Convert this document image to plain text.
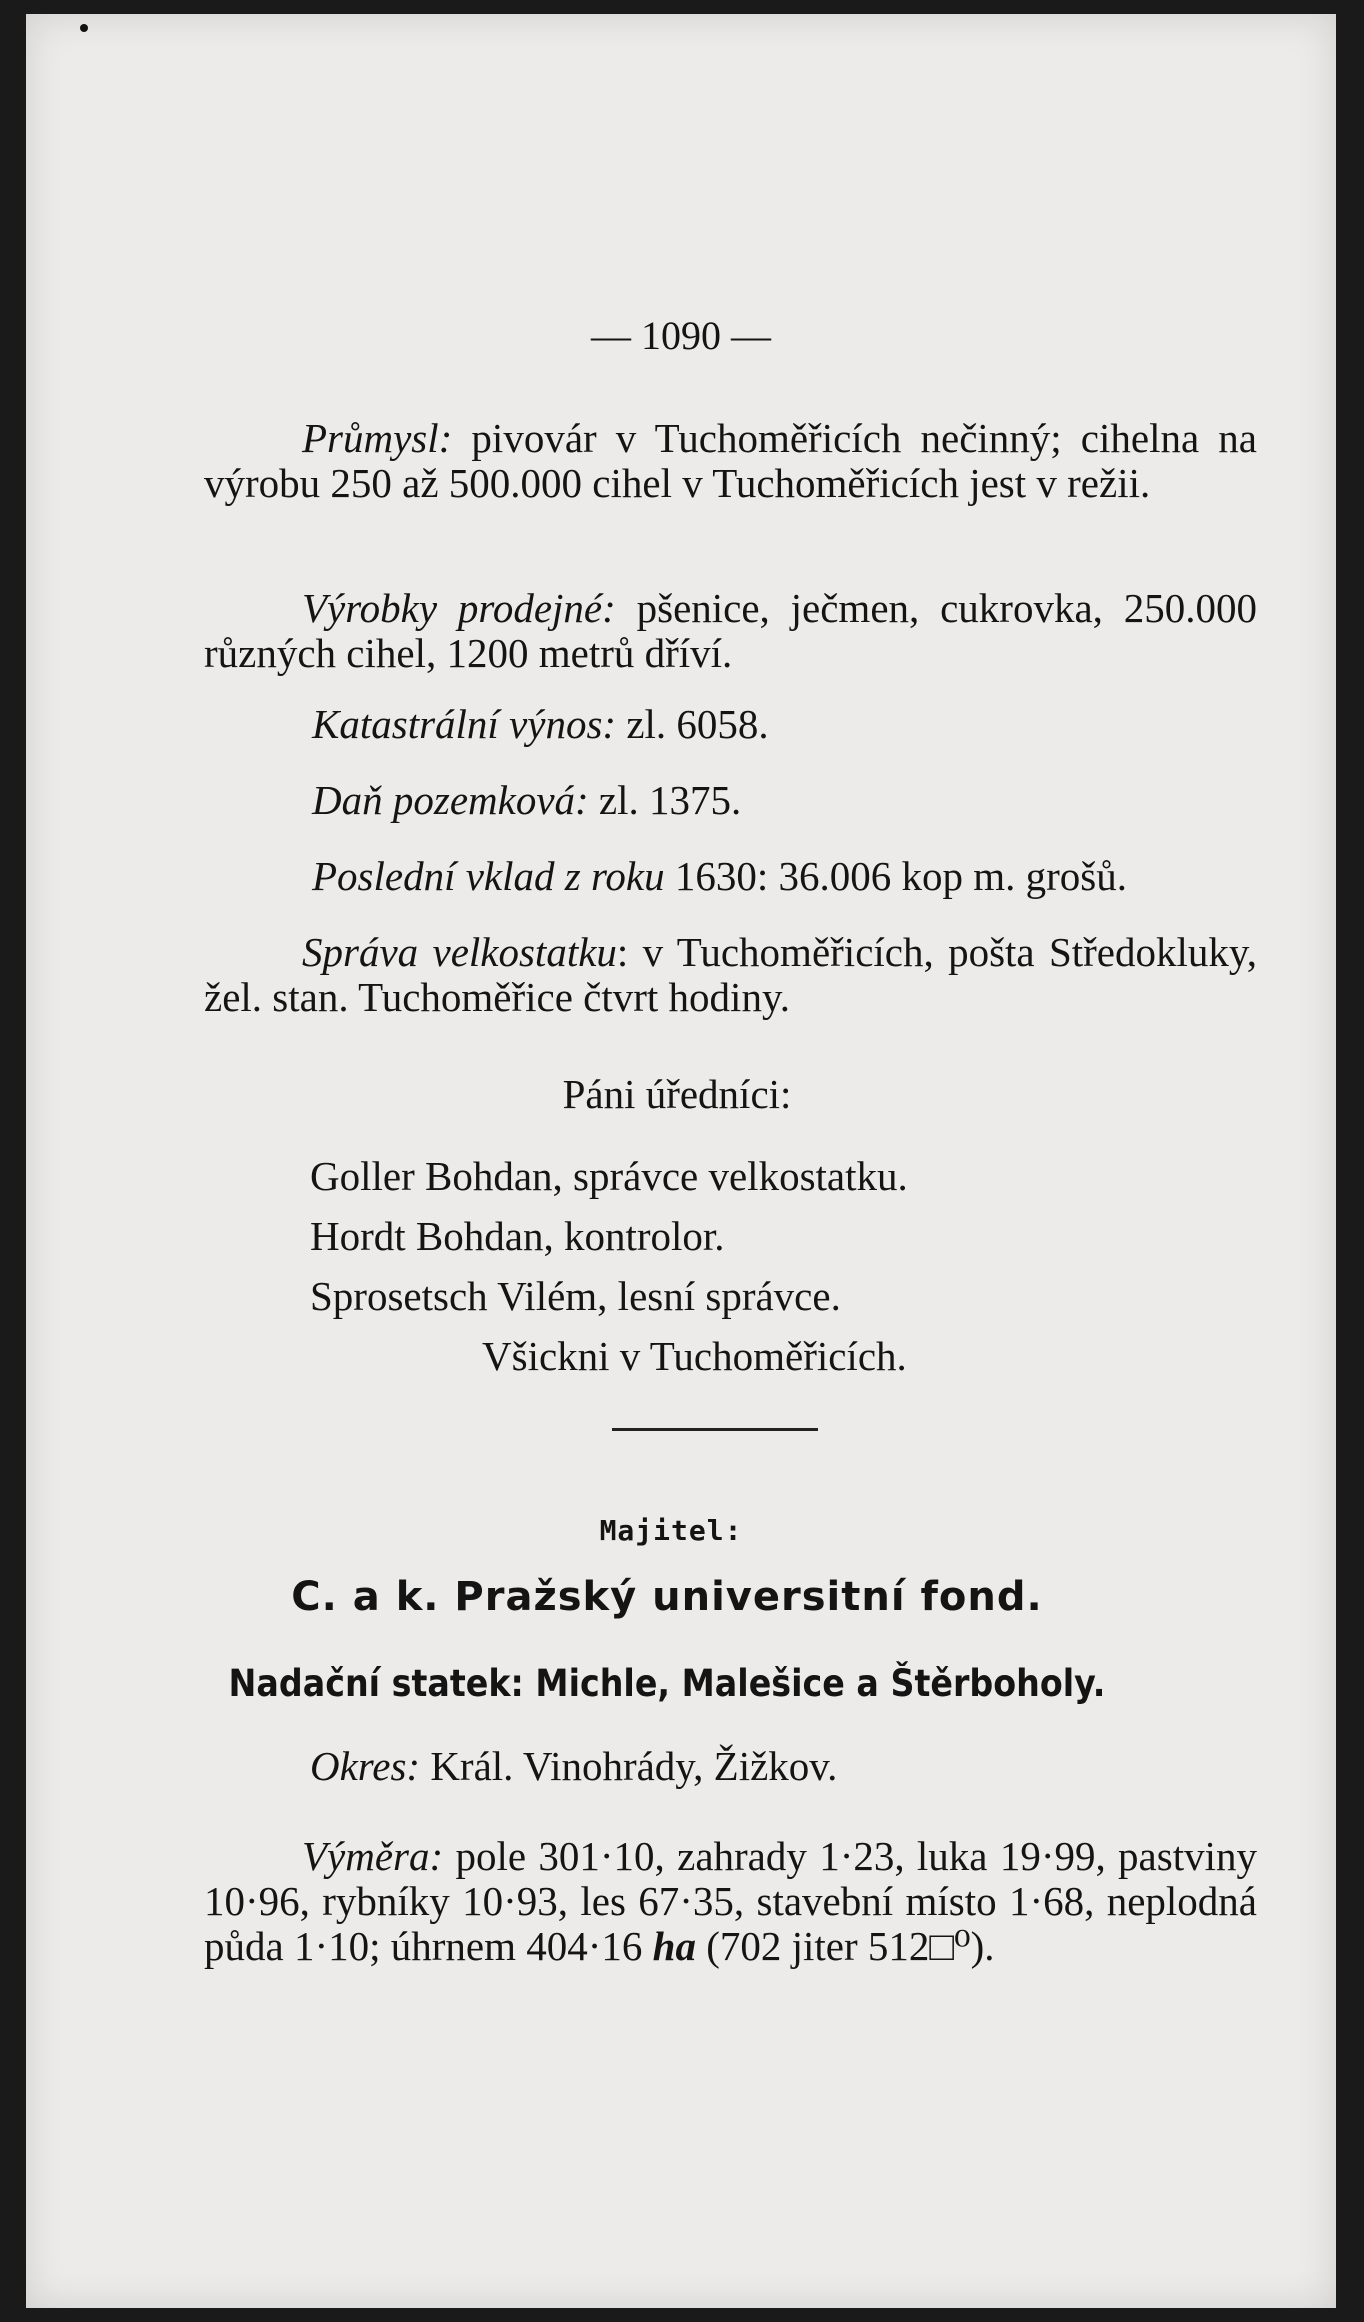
— 1090 —
Průmysl: pivovár v Tuchoměřicích nečinný; cihelna na výrobu 250 až 500.000 cihel v Tuchoměřicích jest v režii.
Výrobky prodejné: pšenice, ječmen, cukrovka, 250.000 různých cihel, 1200 metrů dříví.
Katastrální výnos: zl. 6058.
Daň pozemková: zl. 1375.
Poslední vklad z roku 1630: 36.006 kop m. grošů.
Správa velkostatku: v Tuchoměřicích, pošta Středokluky, žel. stan. Tuchoměřice čtvrt hodiny.
Páni úředníci:
Goller Bohdan, správce velkostatku.
Hordt Bohdan, kontrolor.
Sprosetsch Vilém, lesní správce.
Všickni v Tuchoměřicích.
Majitel:
C. a k. Pražský universitní fond.
Nadační statek: Michle, Malešice a Štěrboholy.
Okres: Král. Vinohrády, Žižkov.
Výměra: pole 301·10, zahrady 1·23, luka 19·99, pastviny 10·96, rybníky 10·93, les 67·35, stavební místo 1·68, neplodná půda 1·10; úhrnem 404·16 ha (702 jiter 512□⁰).
